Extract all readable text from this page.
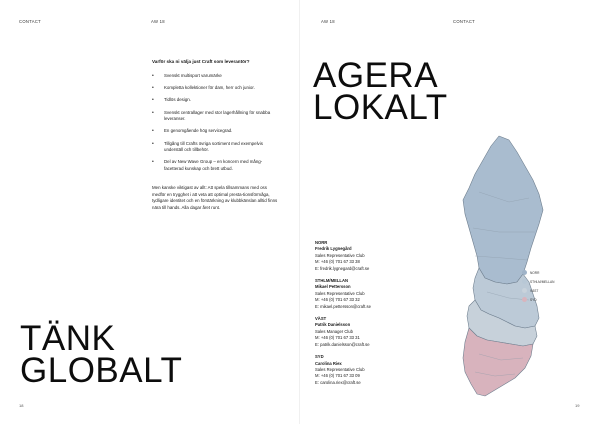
CONTACT	AW 18
Varför ska ni välja just Craft som leverantör?
• Svenskt multisport varumärke
• Kompletta kollektioner för dam, herr och junior.
• Tidlös design.
• Svenskt centrallager med stor lagerhållning för snabba leveranser.
• En genomgående hög servicegrad.
• Tillgång till Crafts övriga sortiment med exempelvis underställ och tillbehör.
• Del av New Wave Group – en koncern med mång-facetterad kunskap och brett utbud.
Men kanske viktigast av allt: Att spela tillsammans med oss medför en trygghet i att veta att optimal presta-tionsförmåga, tydligare identitet och en förstärkning av klubbkänslan alltid finns nära till hands. Alla dagar året runt.
TÄNK
GLOBALT
18
AW 18	CONTACT
AGERA
LOKALT
NORR
Fredrik Lygnegård
Sales Representative Club
M: +46 (0) 701 67 33 38
E: fredrik.lygnegard@craft.se
STHLM/MELLAN
Mikael Pettersson
Sales Representative Club
M: +46 (0) 701 67 33 32
E: mikael.pettersson@craft.se
VÄST
Patrik Danielsson
Sales Manager Club
M: +46 (0) 701 67 33 31
E: patrik.danielsson@craft.se
SYD
Carolina Riex
Sales Representative Club
M: +46 (0) 701 67 33 09
E: carolina.riex@craft.se
NORR
STHLM/MELLAN
VÄST
SYD
19
